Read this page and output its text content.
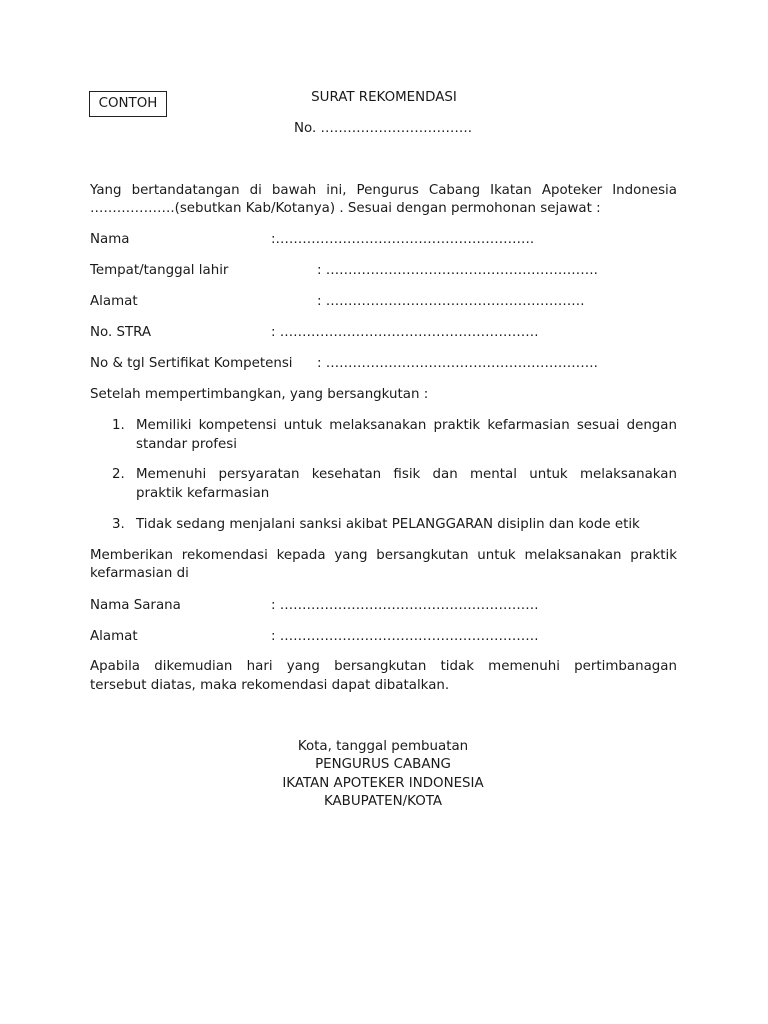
CONTOH	SURAT REKOMENDASI
No. …………………………….
Yang bertandatangan di bawah ini, Pengurus Cabang Ikatan Apoteker Indonesia
……………….(sebutkan Kab/Kotanya) . Sesuai dengan permohonan sejawat :
Nama	:………………………………………………….
Tempat/tanggal lahir	: …………………………………………………….
Alamat	: ………………………………………………….
No. STRA	: ………………………………………………….
No & tgl Sertifikat Kompetensi : …………………………………………………….
Setelah mempertimbangkan, yang bersangkutan :
1. Memiliki kompetensi untuk melaksanakan praktik kefarmasian sesuai dengan
standar profesi
2. Memenuhi persyaratan kesehatan fisik dan mental untuk melaksanakan
praktik kefarmasian
3. Tidak sedang menjalani sanksi akibat PELANGGARAN disiplin dan kode etik
Memberikan rekomendasi kepada yang bersangkutan untuk melaksanakan praktik
kefarmasian di
Nama Sarana	: ………………………………………………….
Alamat	: ………………………………………………….
Apabila dikemudian hari yang bersangkutan tidak memenuhi pertimbanagan
tersebut diatas, maka rekomendasi dapat dibatalkan.
Kota, tanggal pembuatan
PENGURUS CABANG
IKATAN APOTEKER INDONESIA
KABUPATEN/KOTA
